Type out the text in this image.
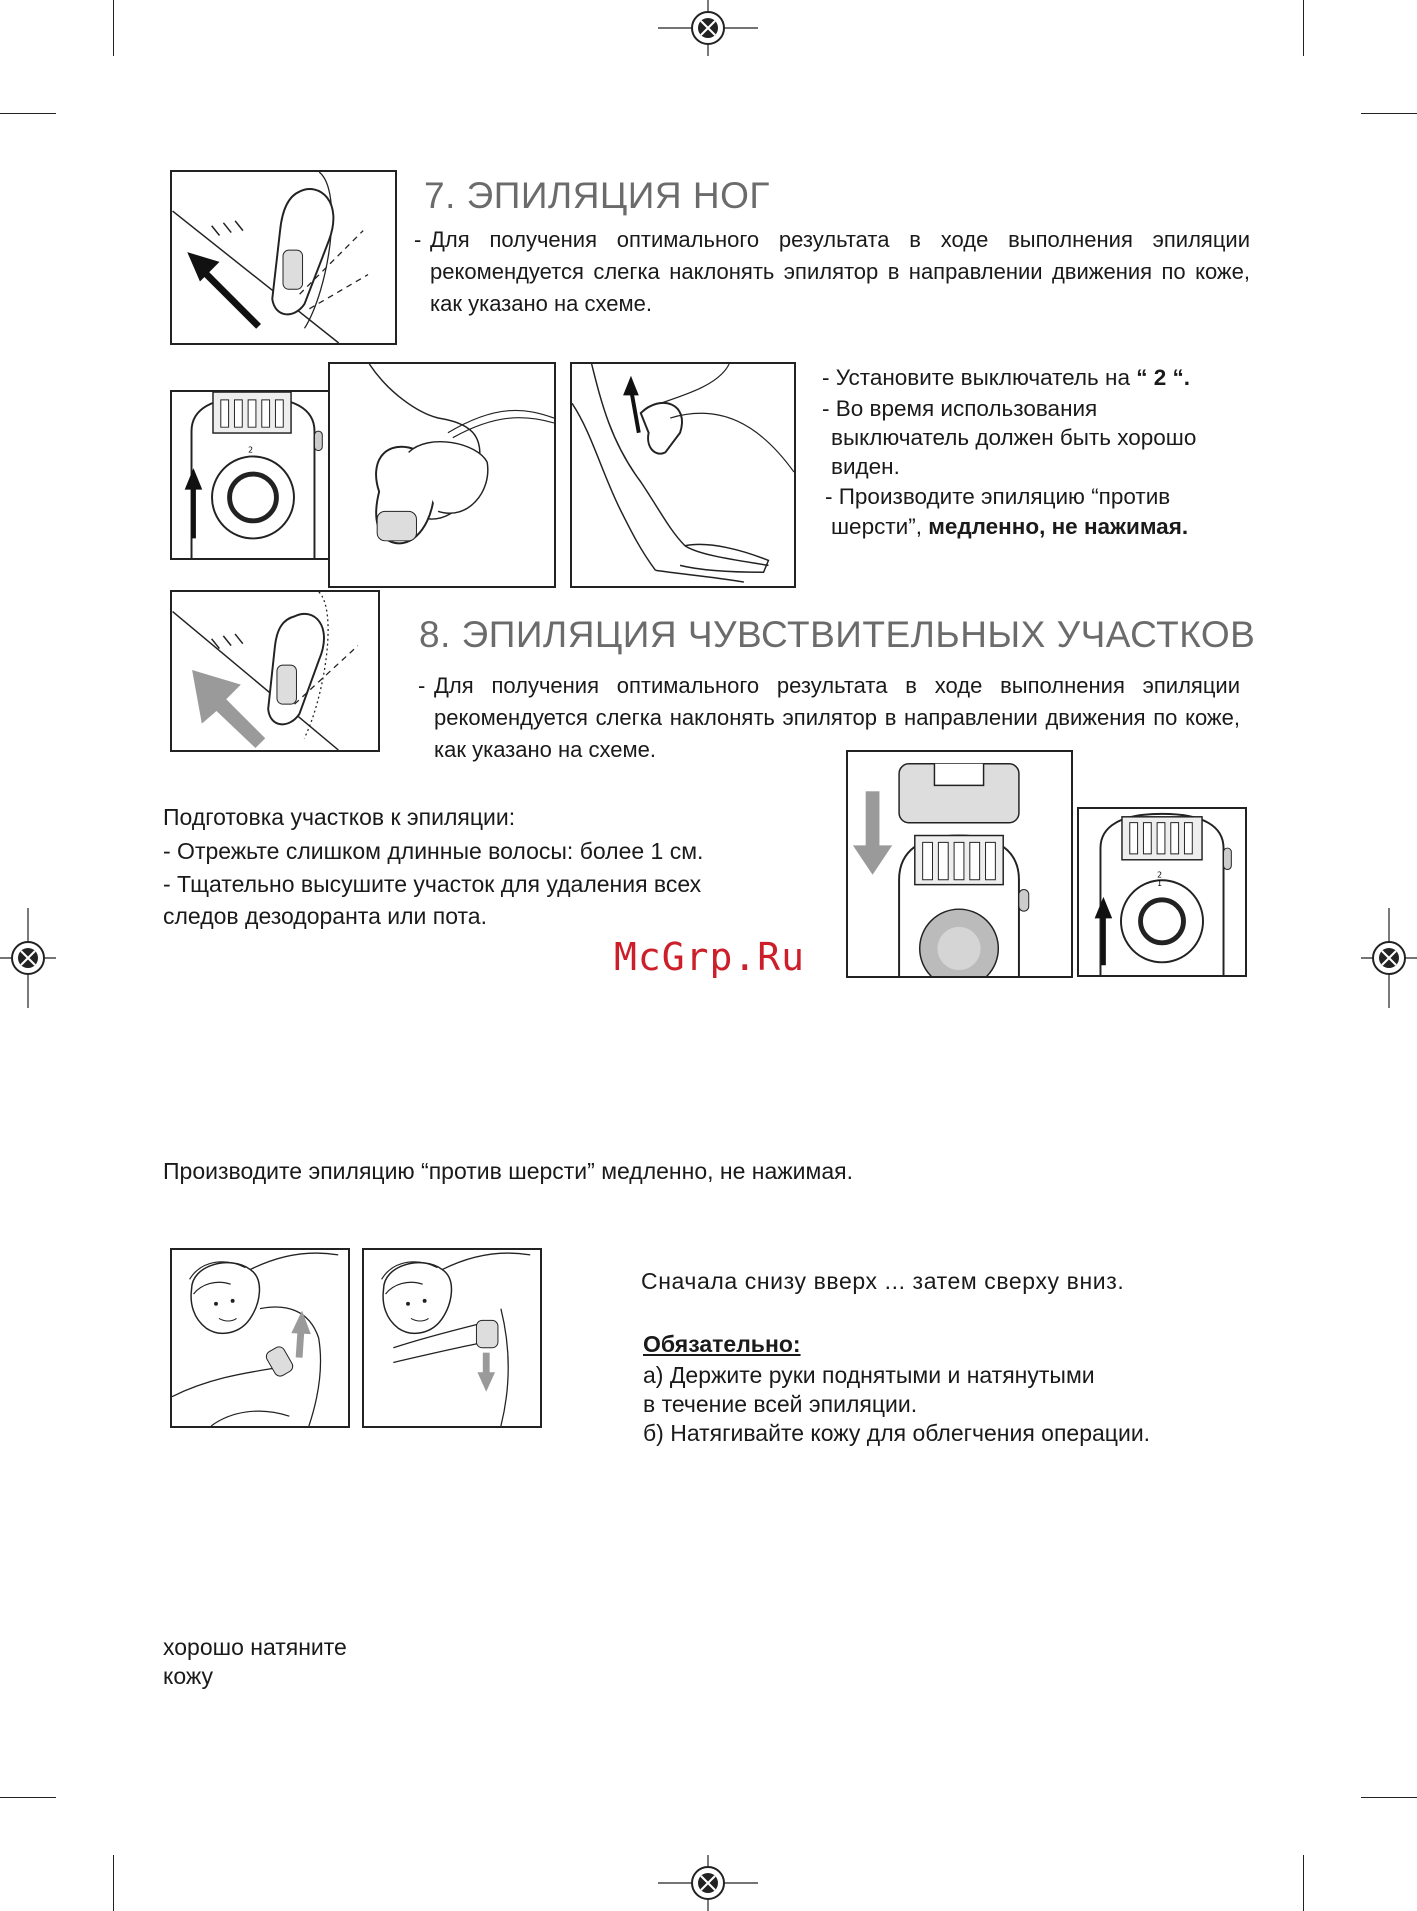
7. ЭПИЛЯЦИЯ НОГ
- Для получения оптимального результата в ходе выполнения эпиляции рекомендуется слегка наклонять эпилятор в направлении движения по коже, как указано на схеме.
2
- Установите выключатель на “ 2 “.
- Во время использования
выключатель должен быть хорошо
виден.
- Производите эпиляцию “против
шерсти”, медленно, не нажимая.
8. ЭПИЛЯЦИЯ ЧУВСТВИТЕЛЬНЫХ УЧАСТКОВ
- Для получения оптимального результата в ходе выполнения эпиляции рекомендуется слегка наклонять эпилятор в направлении движения по коже, как указано на схеме.
Подготовка участков к эпиляции:
- Отрежьте слишком длинные волосы: более 1 см.
- Тщательно высушите участок для удаления всех
следов дезодоранта или пота.
2
1
McGrp.Ru
Производите эпиляцию “против шерсти” медленно, не нажимая.
Сначала снизу вверх ... затем сверху вниз.
Обязательно:
а) Держите руки поднятыми и натянутыми
в течение всей эпиляции.
б) Натягивайте кожу для облегчения операции.
хорошо натяните
кожу
